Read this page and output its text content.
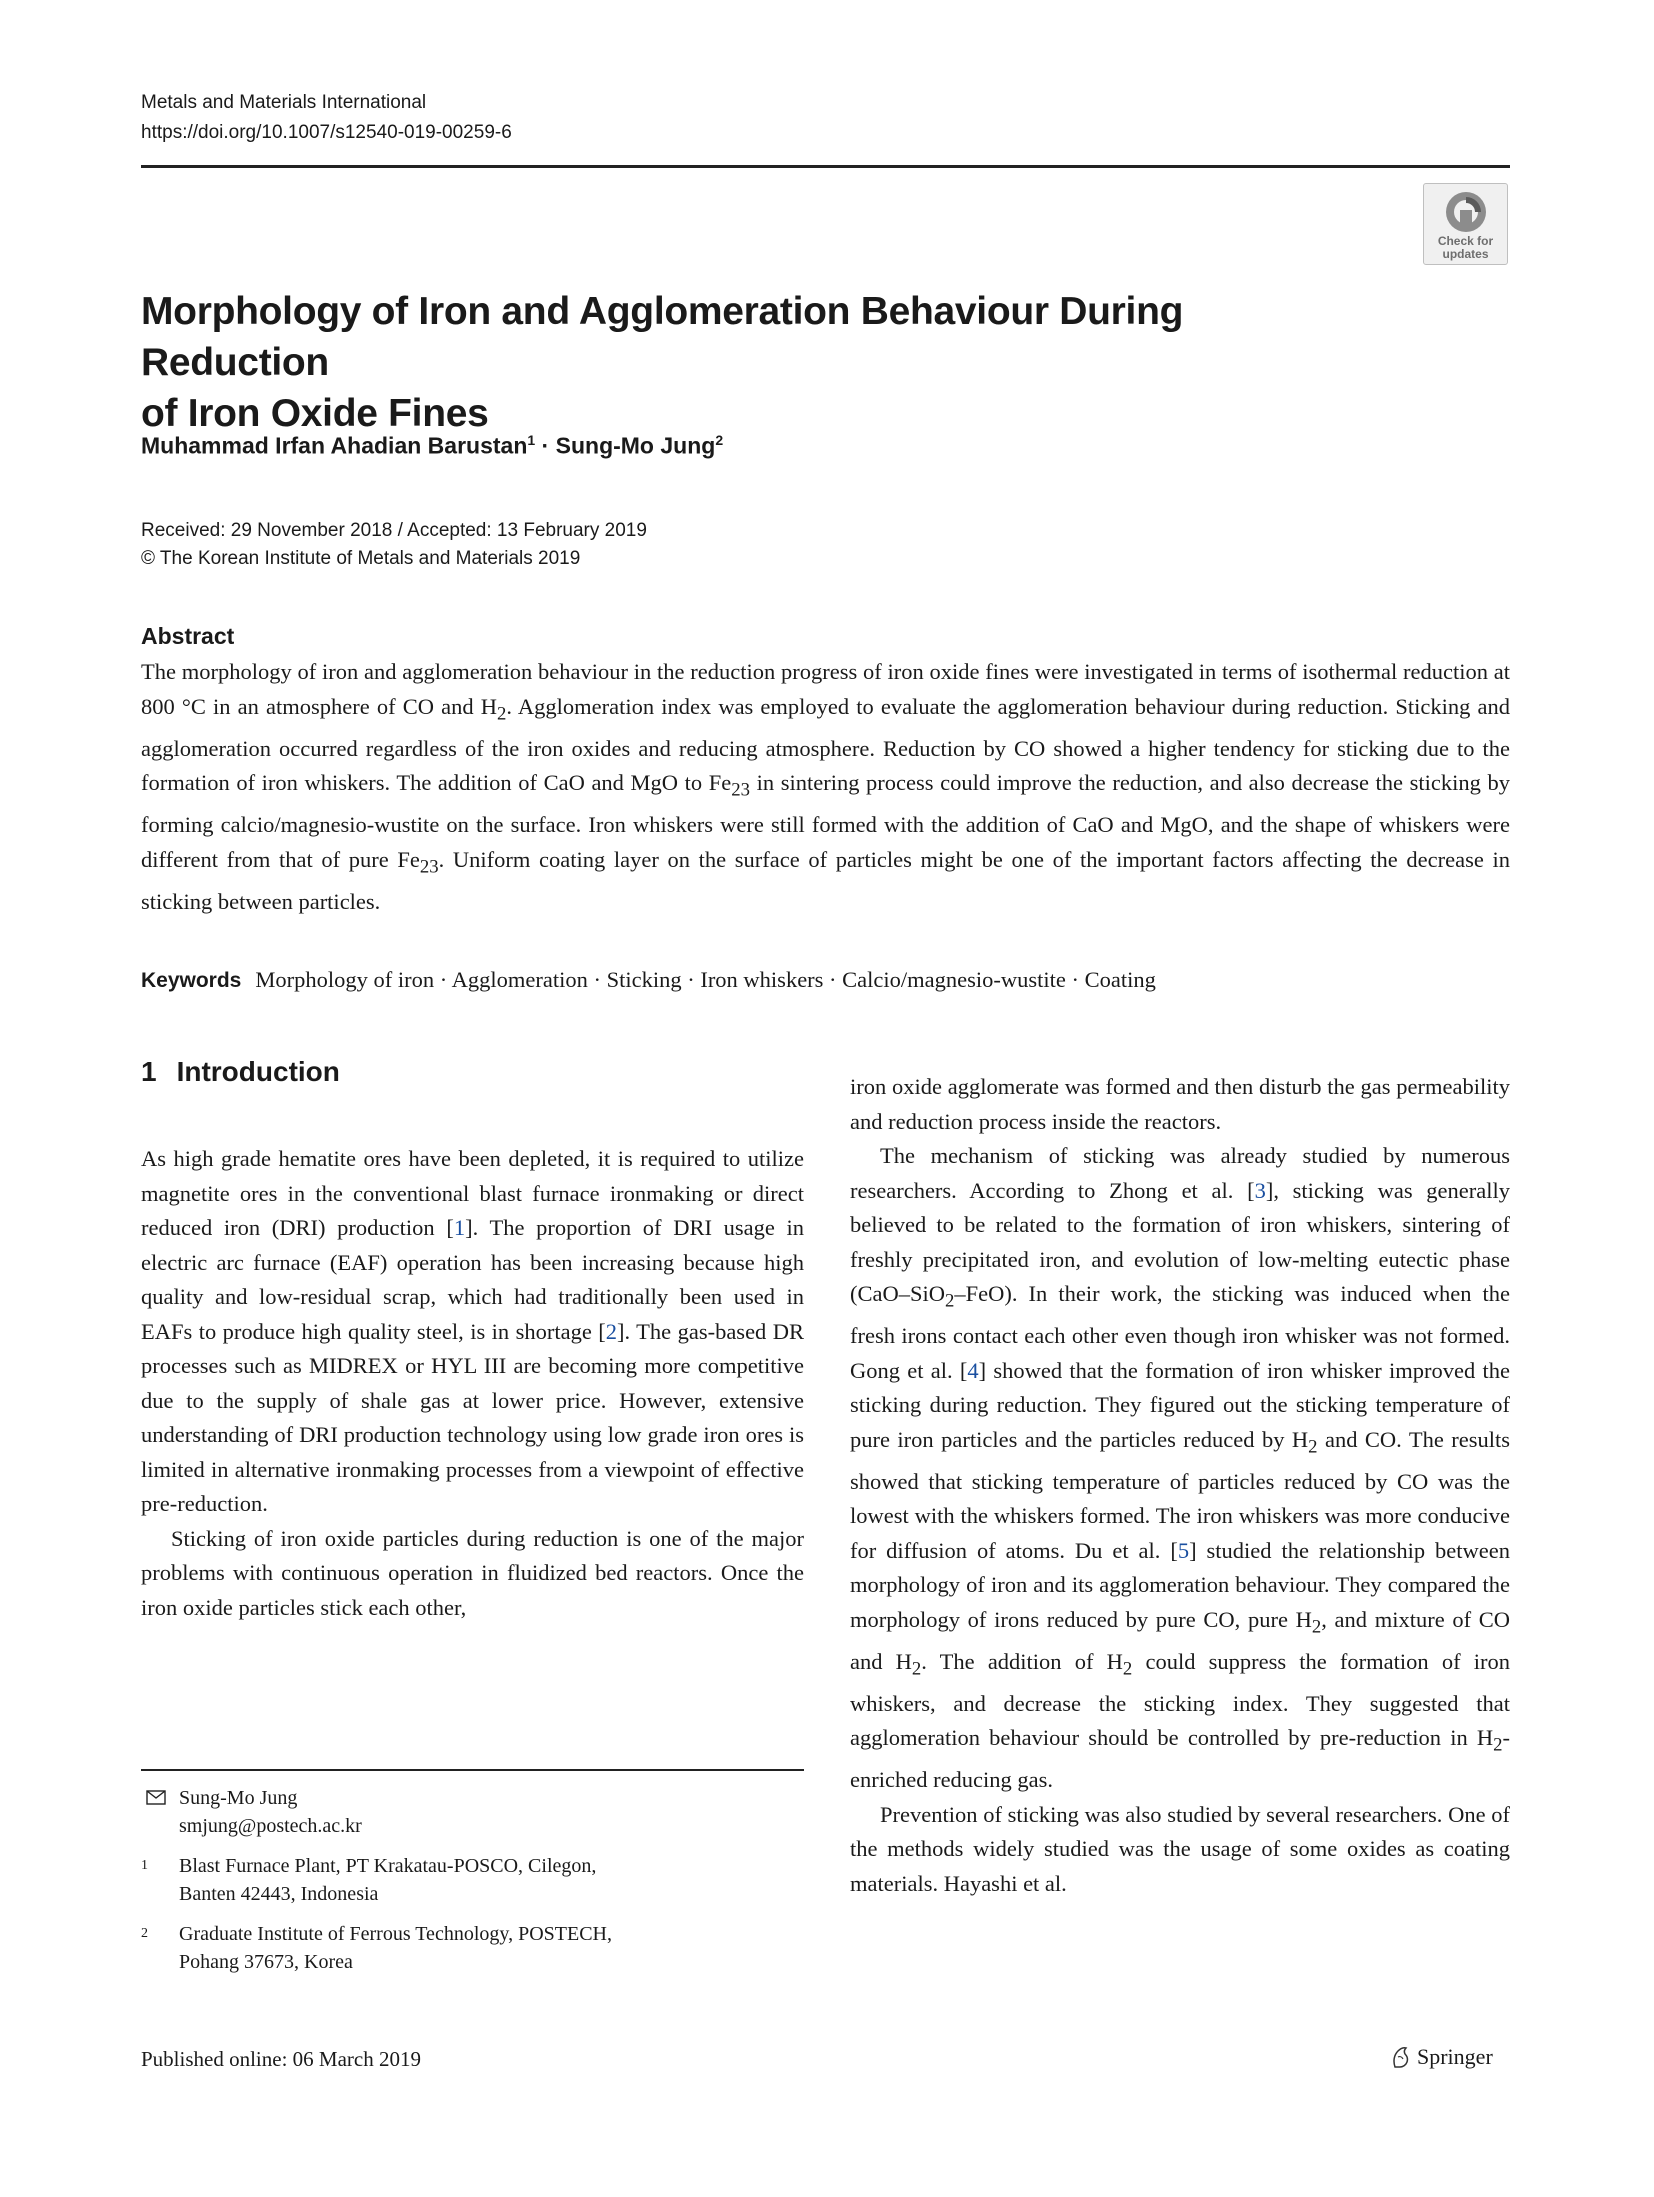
Metals and Materials International
https://doi.org/10.1007/s12540-019-00259-6
Check for
updates
Morphology of Iron and Agglomeration Behaviour During Reduction
of Iron Oxide Fines
Muhammad Irfan Ahadian Barustan$^1$ · Sung-Mo Jung$^2$
Received: 29 November 2018 / Accepted: 13 February 2019
© The Korean Institute of Metals and Materials 2019
Abstract
The morphology of iron and agglomeration behaviour in the reduction progress of iron oxide fines were investigated in terms of isothermal reduction at 800 °C in an atmosphere of CO and $H_2$. Agglomeration index was employed to evaluate the agglomeration behaviour during reduction. Sticking and agglomeration occurred regardless of the iron oxides and reducing atmosphere. Reduction by CO showed a higher tendency for sticking due to the formation of iron whiskers. The addition of CaO and MgO to $Fe_{23}$ in sintering process could improve the reduction, and also decrease the sticking by forming calcio/magnesio-wustite on the surface. Iron whiskers were still formed with the addition of CaO and MgO, and the shape of whiskers were different from that of pure $Fe_{23}$. Uniform coating layer on the surface of particles might be one of the important factors affecting the decrease in sticking between particles.
Keywords Morphology of iron · Agglomeration · Sticking · Iron whiskers · Calcio/magnesio-wustite · Coating
1 Introduction

As high grade hematite ores have been depleted, it is required to utilize magnetite ores in the conventional blast furnace ironmaking or direct reduced iron (DRI) production [1]. The proportion of DRI usage in electric arc furnace (EAF) operation has been increasing because high quality and low-residual scrap, which had traditionally been used in EAFs to produce high quality steel, is in shortage [2]. The gas-based DR processes such as MIDREX or HYL III are becoming more competitive due to the supply of shale gas at lower price. However, extensive understanding of DRI production technology using low grade iron ores is limited in alternative ironmaking processes from a viewpoint of effective pre-reduction.

Sticking of iron oxide particles during reduction is one of the major problems with continuous operation in fluidized bed reactors. Once the iron oxide particles stick each other,

iron oxide agglomerate was formed and then disturb the gas permeability and reduction process inside the reactors.

The mechanism of sticking was already studied by numerous researchers. According to Zhong et al. [3], sticking was generally believed to be related to the formation of iron whiskers, sintering of freshly precipitated iron, and evolution of low-melting eutectic phase (CaO–SiO$_2$–FeO). In their work, the sticking was induced when the fresh irons contact each other even though iron whisker was not formed. Gong et al. [4] showed that the formation of iron whisker improved the sticking during reduction. They figured out the sticking temperature of pure iron particles and the particles reduced by $H_2$ and CO. The results showed that sticking temperature of particles reduced by CO was the lowest with the whiskers formed. The iron whiskers was more conducive for diffusion of atoms. Du et al. [5] studied the relationship between morphology of iron and its agglomeration behaviour. They compared the morphology of irons reduced by pure CO, pure $H_2$, and mixture of CO and $H_2$. The addition of $H_2$ could suppress the formation of iron whiskers, and decrease the sticking index. They suggested that agglomeration behaviour should be controlled by pre-reduction in $H_2$-enriched reducing gas.

Prevention of sticking was also studied by several researchers. One of the methods widely studied was the usage of some oxides as coating materials. Hayashi et al.

Sung-Mo Jung
smjung@postech.ac.kr
1 Blast Furnace Plant, PT Krakatau-POSCO, Cilegon,
Banten 42443, Indonesia
2 Graduate Institute of Ferrous Technology, POSTECH,
Pohang 37673, Korea
Published online: 06 March 2019	Springer
